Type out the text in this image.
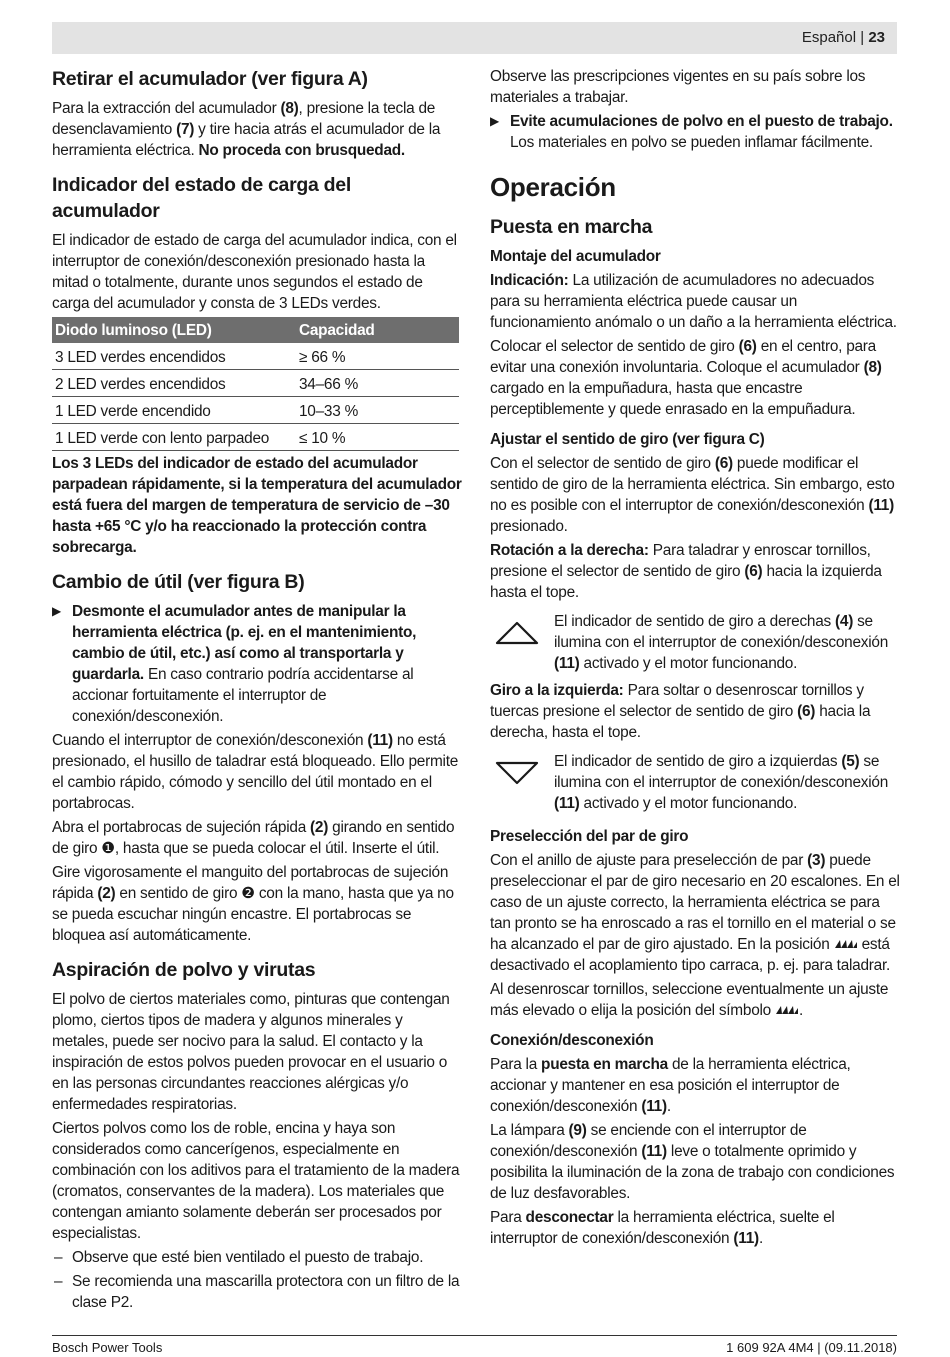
Español | 23
Retirar el acumulador (ver figura A)

Para la extracción del acumulador (8), presione la tecla de desenclavamiento (7) y tire hacia atrás el acumulador de la herramienta eléctrica. No proceda con brusquedad.

Indicador del estado de carga del acumulador

El indicador de estado de carga del acumulador indica, con el interruptor de conexión/desconexión presionado hasta la mitad o totalmente, durante unos segundos el estado de carga del acumulador y consta de 3 LEDs verdes.

Diodo luminoso (LED)	Capacidad
3 LED verdes encendidos	≥ 66 %
2 LED verdes encendidos	34–66 %
1 LED verde encendido	10–33 %
1 LED verde con lento parpadeo	≤ 10 %

Los 3 LEDs del indicador de estado del acumulador parpadean rápidamente, si la temperatura del acumulador está fuera del margen de temperatura de servicio de –30 hasta +65 °C y/o ha reaccionado la protección contra sobrecarga.

Cambio de útil (ver figura B)
▶ Desmonte el acumulador antes de manipular la herramienta eléctrica (p. ej. en el mantenimiento, cambio de útil, etc.) así como al transportarla y guardarla. En caso contrario podría accidentarse al accionar fortuitamente el interruptor de conexión/desconexión.

Cuando el interruptor de conexión/desconexión (11) no está presionado, el husillo de taladrar está bloqueado. Ello permite el cambio rápido, cómodo y sencillo del útil montado en el portabrocas.

Abra el portabrocas de sujeción rápida (2) girando en sentido de giro ❶, hasta que se pueda colocar el útil. Inserte el útil.

Gire vigorosamente el manguito del portabrocas de sujeción rápida (2) en sentido de giro ❷ con la mano, hasta que ya no se pueda escuchar ningún encastre. El portabrocas se bloquea así automáticamente.

Aspiración de polvo y virutas

El polvo de ciertos materiales como, pinturas que contengan plomo, ciertos tipos de madera y algunos minerales y metales, puede ser nocivo para la salud. El contacto y la inspiración de estos polvos pueden provocar en el usuario o en las personas circundantes reacciones alérgicas y/o enfermedades respiratorias.

Ciertos polvos como los de roble, encina y haya son considerados como cancerígenos, especialmente en combinación con los aditivos para el tratamiento de la madera (cromatos, conservantes de la madera). Los materiales que contengan amianto solamente deberán ser procesados por especialistas.

– Observe que esté bien ventilado el puesto de trabajo.
– Se recomienda una mascarilla protectora con un filtro de la clase P2.

Observe las prescripciones vigentes en su país sobre los materiales a trabajar.

▶ Evite acumulaciones de polvo en el puesto de trabajo. Los materiales en polvo se pueden inflamar fácilmente.
Operación
Puesta en marcha
Montaje del acumulador

Indicación: La utilización de acumuladores no adecuados para su herramienta eléctrica puede causar un funcionamiento anómalo o un daño a la herramienta eléctrica.

Colocar el selector de sentido de giro (6) en el centro, para evitar una conexión involuntaria. Coloque el acumulador (8) cargado en la empuñadura, hasta que encastre perceptiblemente y quede enrasado en la empuñadura.

Ajustar el sentido de giro (ver figura C)

Con el selector de sentido de giro (6) puede modificar el sentido de giro de la herramienta eléctrica. Sin embargo, esto no es posible con el interruptor de conexión/desconexión (11) presionado.

Rotación a la derecha: Para taladrar y enroscar tornillos, presione el selector de sentido de giro (6) hacia la izquierda hasta el tope.

El indicador de sentido de giro a derechas (4) se ilumina con el interruptor de conexión/desconexión (11) activado y el motor funcionando.

Giro a la izquierda: Para soltar o desenroscar tornillos y tuercas presione el selector de sentido de giro (6) hacia la derecha, hasta el tope.

El indicador de sentido de giro a izquierdas (5) se ilumina con el interruptor de conexión/desconexión (11) activado y el motor funcionando.
Preselección del par de giro

Con el anillo de ajuste para preselección de par (3) puede preseleccionar el par de giro necesario en 20 escalones. En el caso de un ajuste correcto, la herramienta eléctrica se para tan pronto se ha enroscado a ras el tornillo en el material o se ha alcanzado el par de giro ajustado. En la posición  está desactivado el acoplamiento tipo carraca, p. ej. para taladrar.

Al desenroscar tornillos, seleccione eventualmente un ajuste más elevado o elija la posición del símbolo .

Conexión/desconexión

Para la puesta en marcha de la herramienta eléctrica, accionar y mantener en esa posición el interruptor de conexión/desconexión (11).

La lámpara (9) se enciende con el interruptor de conexión/desconexión (11) leve o totalmente oprimido y posibilita la iluminación de la zona de trabajo con condiciones de luz desfavorables.

Para desconectar la herramienta eléctrica, suelte el interruptor de conexión/desconexión (11).

Bosch Power Tools	1 609 92A 4M4 | (09.11.2018)
